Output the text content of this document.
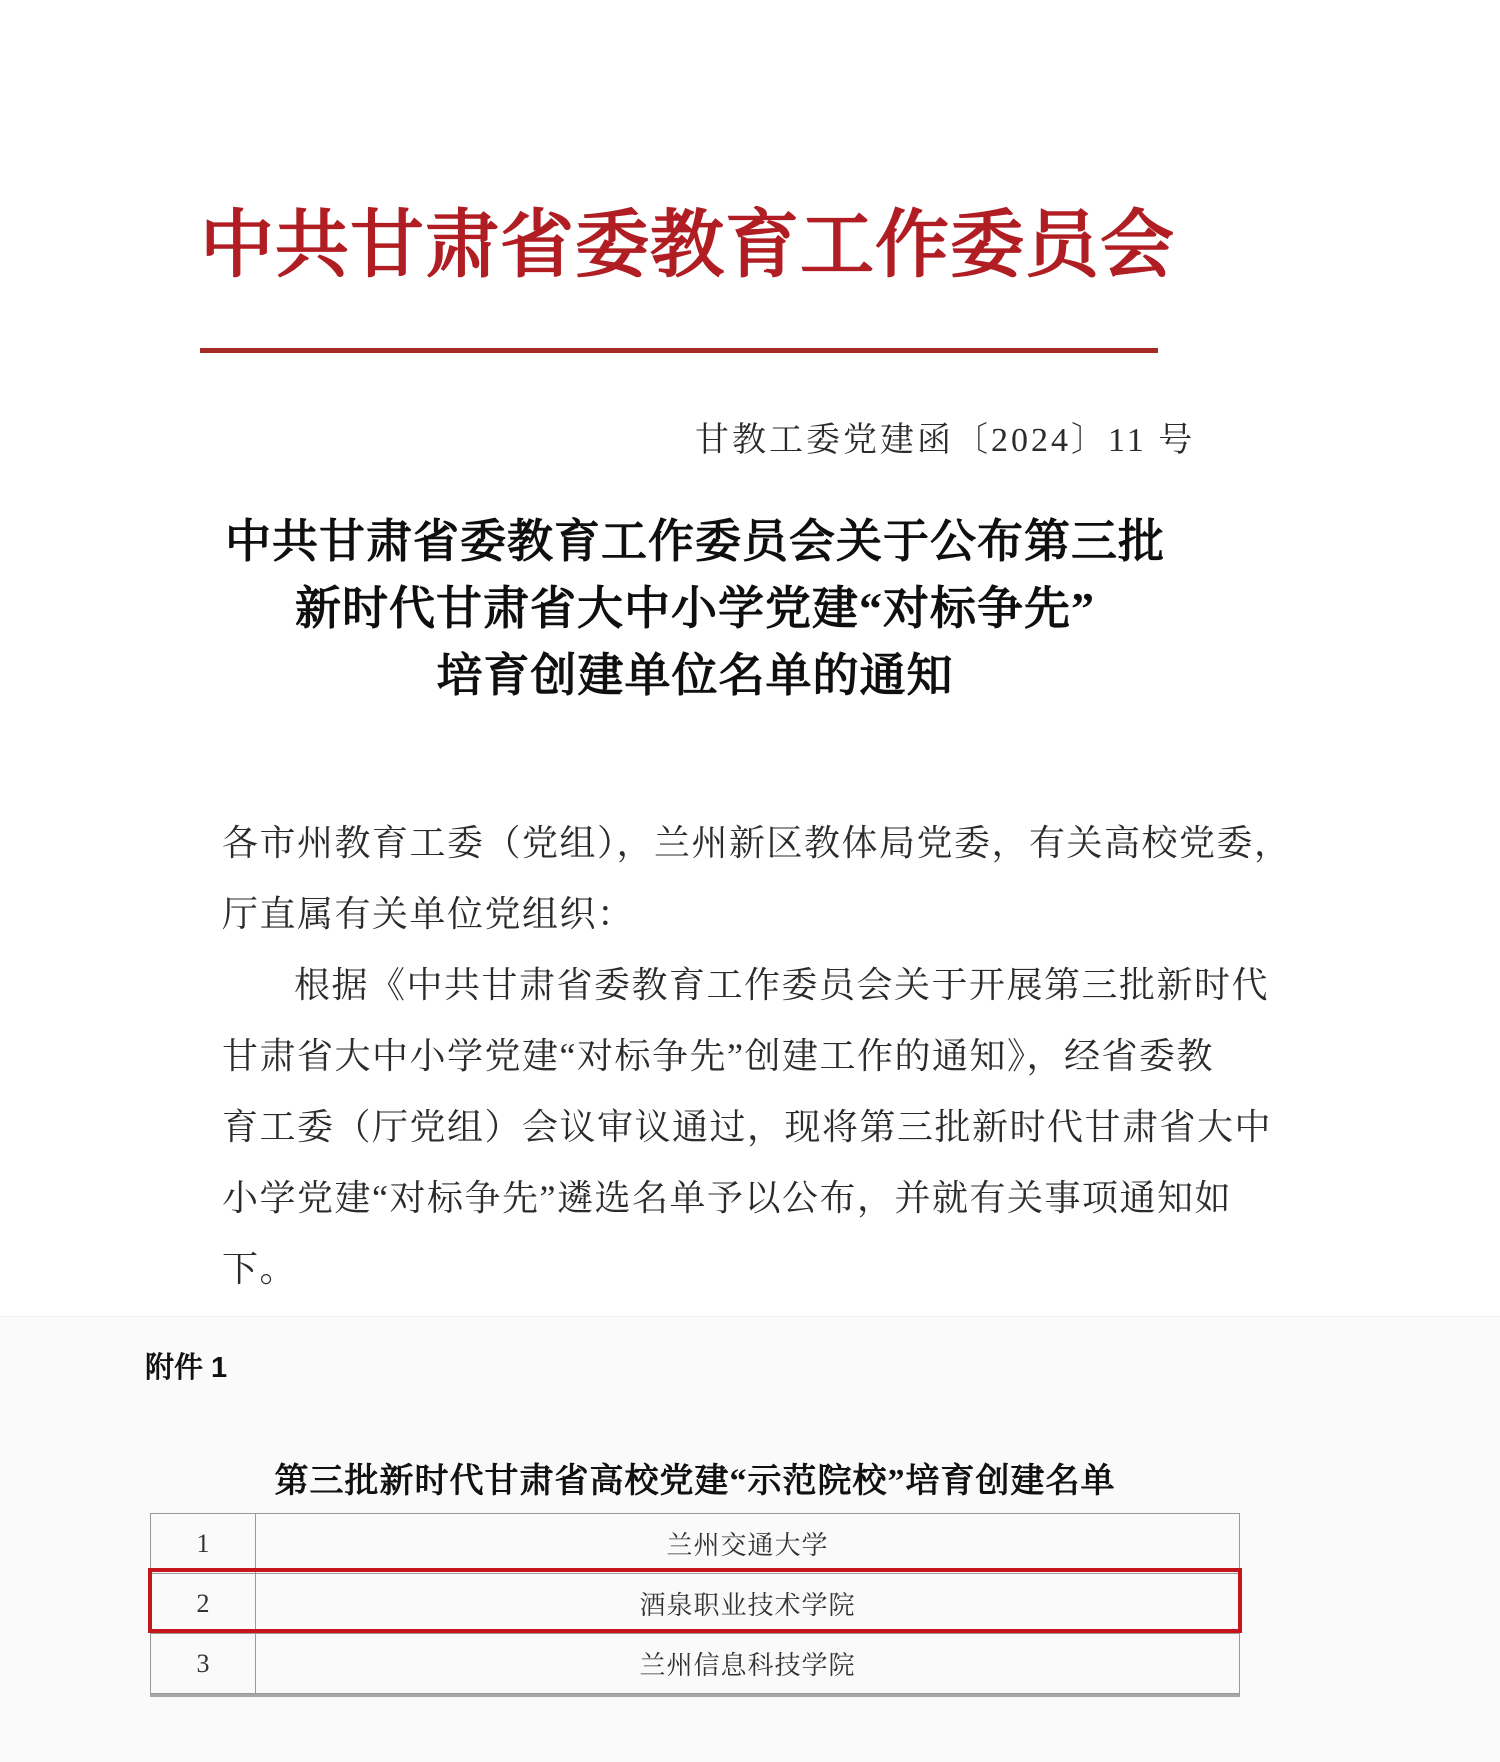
中共甘肃省委教育工作委员会
甘教工委党建函〔2024〕11 号
中共甘肃省委教育工作委员会关于公布第三批
新时代甘肃省大中小学党建“对标争先”
培育创建单位名单的通知
各市州教育工委（党组），兰州新区教体局党委，有关高校党委，
厅直属有关单位党组织：
根据《中共甘肃省委教育工作委员会关于开展第三批新时代
甘肃省大中小学党建“对标争先”创建工作的通知》，经省委教
育工委（厅党组）会议审议通过，现将第三批新时代甘肃省大中
小学党建“对标争先”遴选名单予以公布，并就有关事项通知如
下。
附件 1
第三批新时代甘肃省高校党建“示范院校”培育创建名单
1	兰州交通大学
2	酒泉职业技术学院
3	兰州信息科技学院
